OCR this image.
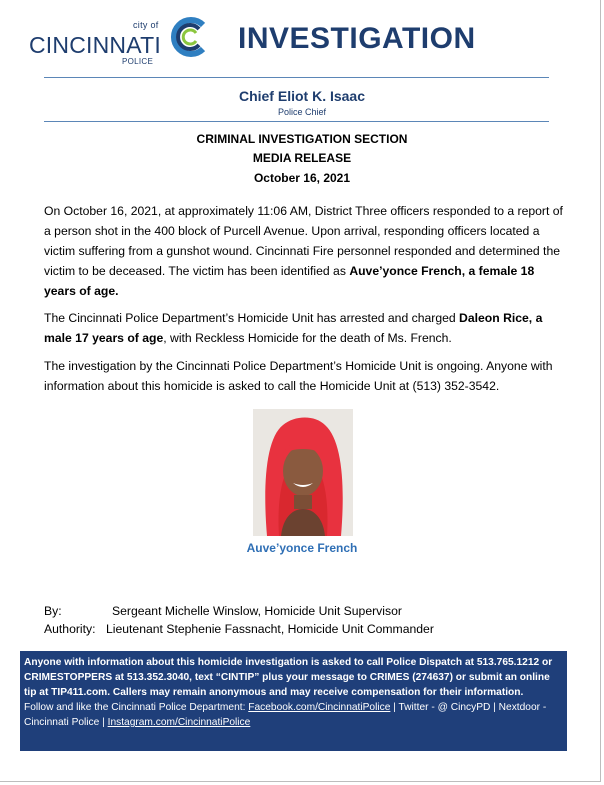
city of
CINCINNATI
POLICE
INVESTIGATION
Chief Eliot K. Isaac
Police Chief
CRIMINAL INVESTIGATION SECTION
MEDIA RELEASE
October 16, 2021

On October 16, 2021, at approximately 11:06 AM, District Three officers responded to a report of a person shot in the 400 block of Purcell Avenue. Upon arrival, responding officers located a victim suffering from a gunshot wound. Cincinnati Fire personnel responded and determined the victim to be deceased. The victim has been identified as Auve’yonce French, a female 18 years of age.

The Cincinnati Police Department’s Homicide Unit has arrested and charged Daleon Rice, a male 17 years of age, with Reckless Homicide for the death of Ms. French.

The investigation by the Cincinnati Police Department’s Homicide Unit is ongoing. Anyone with information about this homicide is asked to call the Homicide Unit at (513) 352-3542.

Auve’yonce French
By:	Sergeant Michelle Winslow, Homicide Unit Supervisor
Authority: Lieutenant Stephenie Fassnacht, Homicide Unit Commander
Anyone with information about this homicide investigation is asked to call Police Dispatch at 513.765.1212 or CRIMESTOPPERS at 513.352.3040, text “CINTIP” plus your message to CRIMES (274637) or submit an online tip at TIP411.com. Callers may remain anonymous and may receive compensation for their information.
Follow and like the Cincinnati Police Department: Facebook.com/CincinnatiPolice | Twitter - @ CincyPD | Nextdoor - Cincinnati Police | Instagram.com/CincinnatiPolice
